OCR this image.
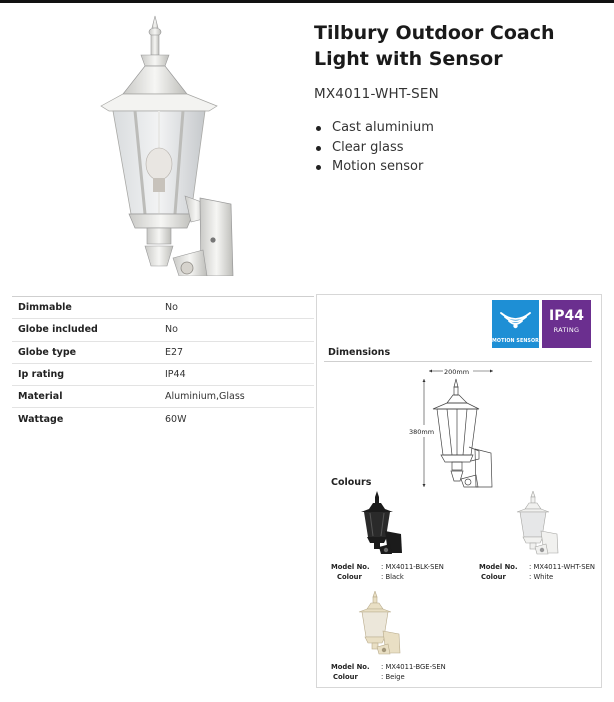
Tilbury Outdoor Coach Light with Sensor
MX4011-WHT-SEN
Cast aluminium
Clear glass
Motion sensor
Dimmable	No
Globe included	No
Globe type	E27
Ip rating	IP44
Material	Aluminium,Glass
Wattage	60W
MOTION SENSOR
IP44
RATING
Dimensions
200mm
380mm
Colours
Model No. : MX4011-BLK-SEN
Colour	: Black
Model No. : MX4011-WHT-SEN
Colour	: White
Model No. : MX4011-BGE-SEN
Colour	: Beige
